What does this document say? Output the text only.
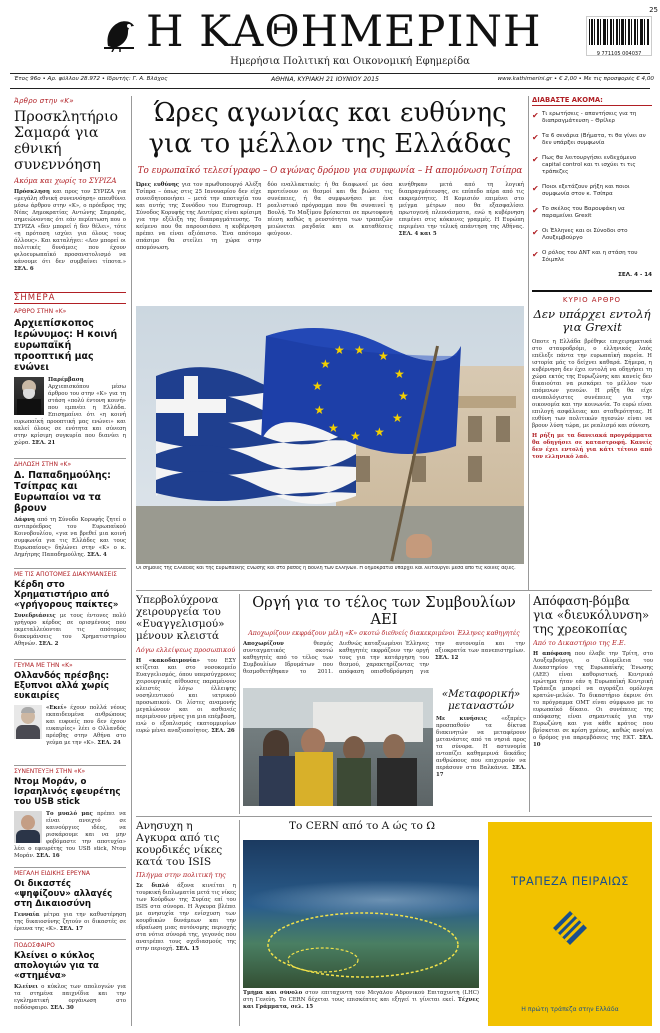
Η ΚΑΘΗΜΕΡΙΝΗ
Ημερήσια Πολιτική και Οικονομική Εφημερίδα
9 771105 004037
25
Έτος 96ο • Αρ. φύλλου 28.972 • Ιδρυτής: Γ. Α. Βλάχος	ΑΘΗΝΑ, ΚΥΡΙΑΚΗ 21 ΙΟΥΝΙΟΥ 2015	www.kathimerini.gr • € 2,00 • Με τις προσφορές € 4,00
Άρθρο στην «Κ»
Προσκλητήριο Σαμαρά για εθνική συνεννόηση
Ακόμα και χωρίς το ΣΥΡΙΖΑ
Πρόσκληση και προς τον ΣΥΡΙΖΑ για «μεγάλη εθνική συνεννόηση» απευθύνει μέσω άρθρου στην «Κ», ο πρόεδρος της Νέας Δημοκρατίας Αντώνης Σαμαράς, σημειώνοντας ότι εάν περίπτωση που ο ΣΥΡΙΖΑ «δεν μπορεί ή δεν θέλει», τότε «η πρόταση ισχύει για όλους τους άλλους». Και καταλήγει: «Δεν μπορεί οι πολιτικές δυνάμεις που έχουν φιλοευρωπαϊκό προσανατολισμό να κάνουμε ότι δεν συμβαίνει τίποτα.» ΣΕΛ. 6
ΣΗΜΕΡΑ
ΑΡΘΡΟ ΣΤΗΝ «Κ»
Αρχιεπίσκοπος Ιερώνυμος: Η κοινή ευρωπαϊκή προοπτική μας ενώνει
Παρέμβαση Αρχιεπισκόπου μέσω άρθρου του στην «Κ» για τη στάση «πολύ έντονη κοινή» που εμπνέει η Ελλάδα. Επισημαίνει ότι «η κοινή ευρωπαϊκή προοπτική μας ενώνει» και καλεί όλους σε ενότητα και σύνεση στην κρίσιμη συγκυρία που διανύει η χώρα. ΣΕΛ. 21
ΔΗΛΩΣΗ ΣΤΗΝ «Κ»
Δ. Παπαδημούλης: Τσίπρας και Ευρωπαίοι να τα βρουν
Δάφνη από τη Σύνοδο Κορυφής ζητεί ο αντιπρόεδρος του Ευρωπαϊκού Κοινοβουλίου, «για να βρεθεί μια κοινή συμφωνία για τις Ελλάδες και τους Ευρωπαίους» δηλώνει στην «Κ» ο κ. Δημήτρης Παπαδημούλης. ΣΕΛ. 4
ΜΕ ΤΙΣ ΑΠΟΤΟΜΕΣ ΔΙΑΚΥΜΑΝΣΕΙΣ
Κέρδη στο Χρηματιστήριο από «γρήγορους παίκτες»
Συνεδριάσεις με τους έντονες πολύ γρήγορο κέρδος σε ορισμένους που εκμεταλλεύονται τις απότομες διακυμάνσεις του Χρηματιστηρίου Αθηνών. ΣΕΛ. 2
ΓΕΥΜΑ ΜΕ ΤΗΝ «Κ»
Ολλανδός πρέσβης: Εξυπνοι αλλά χωρίς ευκαιρίες
«Εκεί» έχουν πολλά νέους εκπαιδευμένα ανθρώπους και ευφυείς που δεν έχουν ευκαιρίες» λέει ο Ολλανδός πρέσβης στην Αθήνα στο γεύμα με την «Κ». ΣΕΛ. 24
ΣΥΝΕΝΤΕΥΞΗ ΣΤΗΝ «Κ»
Ντομ Μοράν, ο Ισραηλινός εφευρέτης του USB stick
Το μυαλό μας πρέπει να είναι ανοιχτό σε καινούργιες ιδέες, να ρισκάρουμε και να μην φοβόμαστε την αποτυχία» λέει ο εφευρέτης του USB stick, Ντομ Μοράν. ΣΕΛ. 16
ΜΕΓΑΛΗ ΕΙΔΙΚΗΣ ΕΡΕΥΝΑ
Οι δικαστές «ψηφίζουν» αλλαγές στη Δικαιοσύνη
Γενναία μέτρα για την καθυστέρηση της δικαιοσύνης ζητούν οι δικαστές σε έρευνα της «Κ». ΣΕΛ. 17
ΠΟΔΟΣΦΑΙΡΟ
Κλείνει ο κύκλος απολογιών για τα «στημένα»
Κλείνει ο κύκλος των απολογιών για τα στημένα παιχνίδια και την εγκληματική οργάνωση στο ποδόσφαιρο. ΣΕΛ. 30
Ώρες αγωνίας και ευθύνης για το μέλλον της Ελλάδας
Το ευρωπαϊκό τελεσίγραφο – Ο αγώνας δρόμου για συμφωνία – Η απομόνωση Τσίπρα
Ώρες ευθύνης για τον πρωθυπουργό Αλέξη Τσίπρα – όπως στις 25 Ιανουαρίου δεν είχε συνειδητοποιήσει – μετά την αποτυχία του και αυτής της Συνόδου του Eurogroup. Η Σύνοδος Κορυφής της Δευτέρας είναι κρίσιμη για την εξέλιξη της διαπραγμάτευσης. Το κείμενο που θα παρουσιάσει η κυβέρνηση πρέπει να είναι αξιόπιστο. Ένα απότομο σπάσιμο θα στείλει τη χώρα στην απομόνωση.
δύο εναλλακτικές: ή θα διαφωνεί με όσα προτείνουν οι θεσμοί και θα βιώσει τις συνέπειες, ή θα συμφωνήσει με ένα ρεαλιστικό πρόγραμμα που θα συναινεί η Βουλή. Το Μαξίμου βρίσκεται σε πρωτοφανή πίεση καθώς η ρευστότητα των τραπεζών μειώνεται ραγδαία και οι καταθέσεις φεύγουν.
κινήθηκαν μετά από τη λογική διαπραγμάτευσης, σε επίπεδο πέρα από τις εκκρεμότητες. Η Κομισιόν επιμένει στο μείγμα μέτρων που θα εξασφαλίσει πρωτογενή πλεονάσματα, ενώ η κυβέρνηση επιμένει στις κόκκινες γραμμές. Η Ευρώπη περιμένει την τελική απάντηση της Αθήνας. ΣΕΛ. 4 και 5
ΔΙΑΒΑΣΤΕ ΑΚΟΜΑ:
✔ Τι ερωτήσεις - απαντήσεις για τη διαπραγμάτευση – Θρίλερ
✔ Τα 6 σενάρια (Βήματα, τι θα γίνει αν δεν υπάρξει συμφωνία
✔ Πως θα λειτουργήσει ενδεχόμενο capital control και τι ισχύει τι τις τράπεζες
✔ Ποιοι εξετάζουν ρήξη και ποιοι συμφωνία στον κ. Τσίπρα
✔ Το σκέλος του Βαρουφάκη να παραμείνει Grexit
✔ Οι Έλληνες και οι Σύνοδοι στο Λουξεμβούργο
✔ Ο ρόλος του ΔΝΤ και η στάση του Σόιμπλε
ΣΕΛ. 4 - 14
ΚΥΡΙΟ ΑΡΘΡΟ
Δεν υπάρχει εντολή για Grexit
Οποτε η Ελλάδα βρέθηκε επιχειρηματικά στο σταυροδρόμι, ο ελληνικός λαός επέλεξε πάντα την ευρωπαϊκή πορεία. Η ιστορία μάς το δείχνει καθαρά. Σήμερα, η κυβέρνηση δεν έχει εντολή να οδηγήσει τη χώρα εκτός της Ευρωζώνης και κανείς δεν δικαιούται να ρισκάρει το μέλλον των επόμενων γενεών. Η ρήξη θα είχε ανυπολόγιστες συνέπειες για την οικονομία και την κοινωνία. Το ευρώ είναι επιλογή ασφάλειας και σταθερότητας. Η ευθύνη των πολιτικών ηγεσιών είναι να βρουν λύση τώρα, με ρεαλισμό και σύνεση.
Η ρήξη με τα δανειακά προγράμματα θα οδηγήσει σε καταστροφή. Κανείς δεν έχει εντολή για κάτι τέτοιο από τον ελληνικό λαό.
★ ★
★
★
★
★
★
★
★
★
★
★
Οι σημαίες της Ελλάδας και της Ευρωπαϊκής Ένωσης και στο βάθος η Βουλή των Ελλήνων. Η δημοκρατία υπάρχει και λειτουργεί μέσα από τις κοινές αξίες.
Υπερβολύχρονα χειρουργεία του «Ευαγγελισμού» μένουν κλειστά
Λόγω ελλείψεως προσωπικού
Η «κακοδαιμονία» του ΕΣΥ κτίζεται και στο νοσοκομείο Ευαγγελισμός, όπου υπερσύγχρονες χειρουργικές αίθουσες παραμένουν κλειστές λόγω έλλειψης νοσηλευτικού και ιατρικού προσωπικού. Οι λίστες αναμονής μεγαλώνουν και οι ασθενείς περιμένουν μήνες για μια επέμβαση, ενώ ο εξοπλισμός εκατομμυρίων ευρώ μένει αναξιοποίητος. ΣΕΛ. 26
Οργή για το τέλος των Συμβουλίων ΑΕΙ
Αποχωρίζουν εκφράζουν μέλη «Κ» σκοτώ διεθνείς διακεκριμένοι Έλληνες καθηγητές
Αποχωρίζουν	θεσμός συνταγματικός σκοτώ καθηγητές από το τέλος των Συμβουλίων Ιδρυμάτων που θεσμοθετήθηκαν το 2011. Διεθνώς καταξιωμένοι Έλληνες καθηγητές εκφράζουν την οργή τους για την κατάργηση του θεσμού, χαρακτηρίζοντας την απόφαση οπισθοδρόμηση για την αυτονομία και την αξιοκρατία των πανεπιστημίων. ΣΕΛ. 12
«Μεταφορική» μεταναστών
Με κινήσεις	«εξπρές» προσπαθούν τα δίκτυα διακινητών να μεταφέρουν μετανάστες από τα νησιά προς τα σύνορα. Η αστυνομία εντοπίζει καθημερινά δεκάδες ανθρώπους που επιχειρούν να περάσουν στα Βαλκάνια. ΣΕΛ. 17
Απόφαση-βόμβα για «διευκόλυνση» της χρεοκοπίας
Από το Δικαστήριο της Ε.Ε.
Η απόφαση που έλαβε την Τρίτη, στο Λουξεμβούργο, ο Ολομέλεια του Δικαστηρίου της Ευρωπαϊκής Ένωσης (ΔΕΕ) είναι καθοριστική. Κεντρικό ερώτημα ήταν εάν η Ευρωπαϊκή Κεντρική Τράπεζα μπορεί να αγοράζει ομόλογα κρατών-μελών. Το δικαστήριο έκρινε ότι το πρόγραμμα OMT είναι σύμφωνο με το ευρωπαϊκό δίκαιο. Οι συνέπειες της απόφασης είναι σημαντικές για την Ευρωζώνη και για κάθε κράτος που βρίσκεται σε κρίση χρέους, καθώς ανοίγει ο δρόμος για παρεμβάσεις της ΕΚΤ. ΣΕΛ. 10
Ανησυχη η Αγκυρα από τις κουρδικές νίκες κατά του ISIS
Πλήγμα στην πολιτική της
Σε διπλό άξονα κινείται η τουρκική διπλωματία μετά τις νίκες των Κούρδων της Συρίας επί του ISIS στα σύνορα. Η Άγκυρα βλέπει με ανησυχία την ενίσχυση των κουρδικών δυνάμεων και την εδραίωση μιας αυτόνομης περιοχής στα νότια σύνορά της, γεγονός που ανατρέπει τους σχεδιασμούς της στην περιοχή. ΣΕΛ. 15
Το CERN από το Α ώς το Ω
Τμήμα και σύνολο στον επιταχυντή του Μεγάλου Αδρονικού Επιταχυντή (LHC) στη Γενεύη. Το CERN δέχεται τους επισκέπτες και εξηγεί τι γίνεται εκεί. Τέχνες και Γράμματα, σελ. 15
ΤΡΑΠΕΖΑ ΠΕΙΡΑΙΩΣ
Η πρώτη τράπεζα στην Ελλάδα
